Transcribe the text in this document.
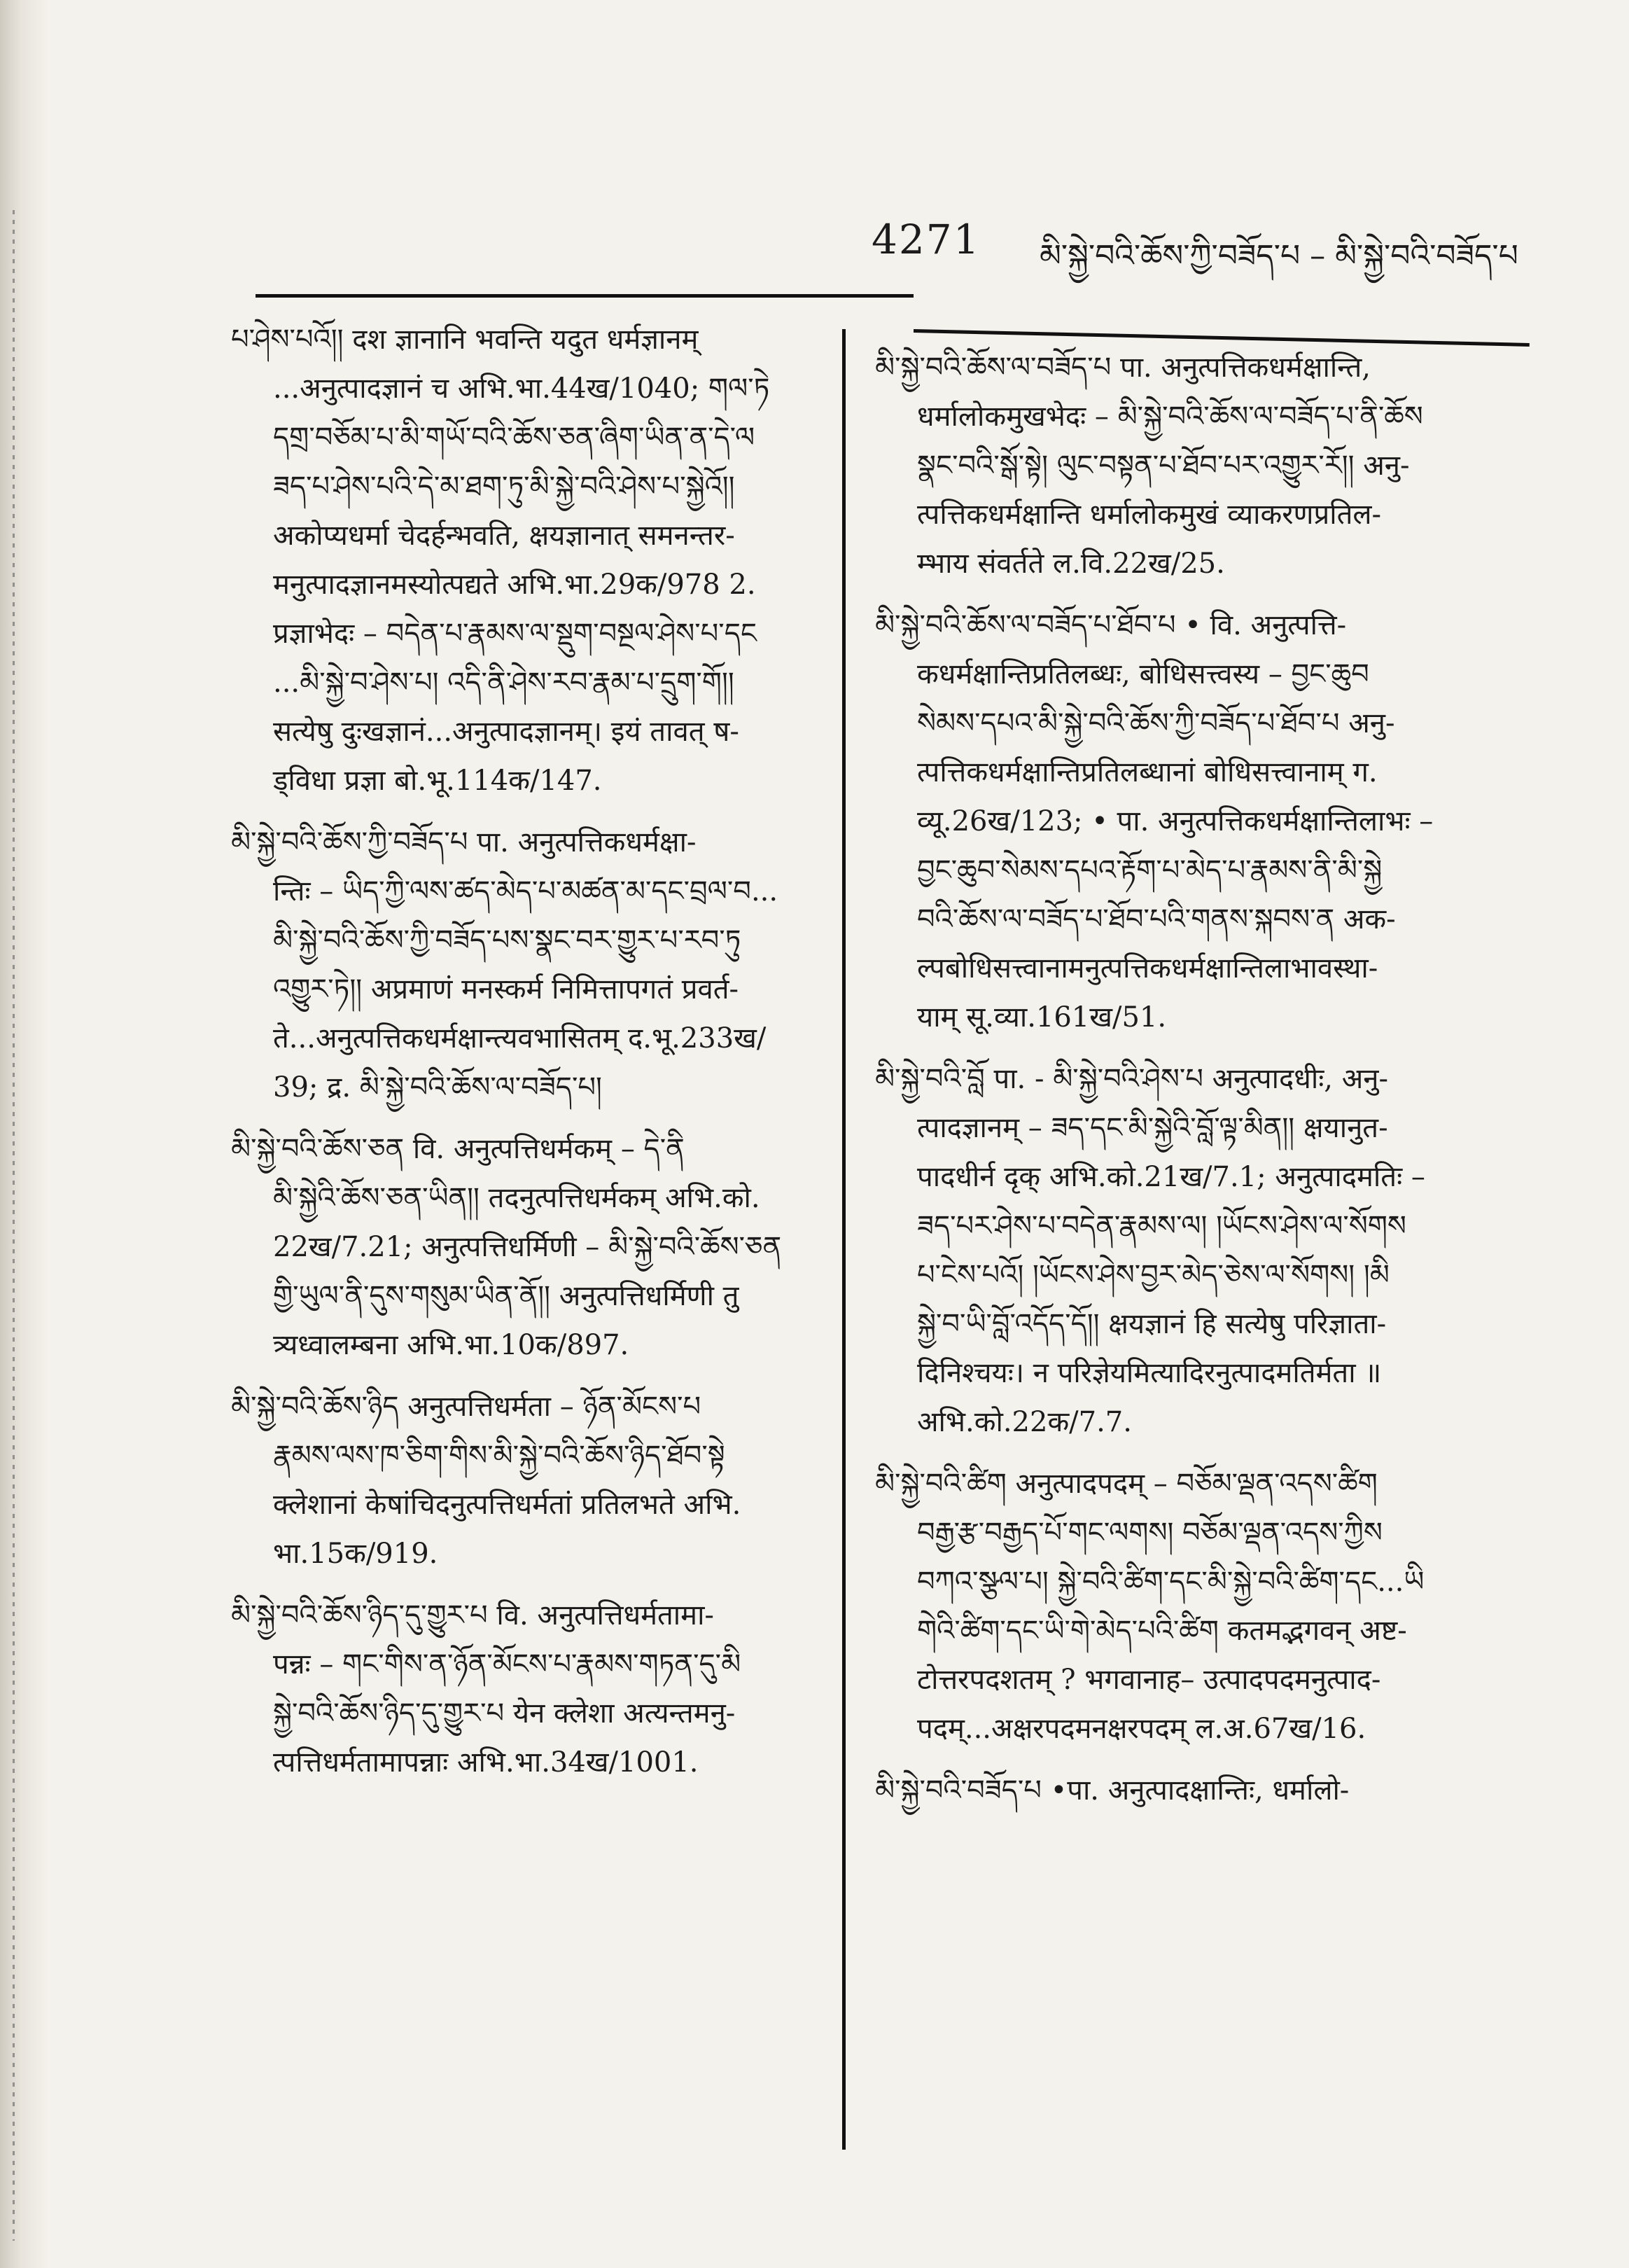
4271 མི་སྐྱེ་བའི་ཆོས་ཀྱི་བཟོད་པ – མི་སྐྱེ་བའི་བཟོད་པ
པ་ཤེས་པའོ།། दश ज्ञानानि भवन्ति यदुत धर्मज्ञानम्
...अनुत्पादज्ञानं च अभि.भा.44ख/1040; གལ་ཏེ
དགྲ་བཅོམ་པ་མི་གཡོ་བའི་ཆོས་ཅན་ཞིག་ཡིན་ན་དེ་ལ
ཟད་པ་ཤེས་པའི་དེ་མ་ཐག་ཏུ་མི་སྐྱེ་བའི་ཤེས་པ་སྐྱེའོ།།
अकोप्यधर्मा चेदर्हन्भवति, क्षयज्ञानात् समनन्तर-
मनुत्पादज्ञानमस्योत्पद्यते अभि.भा.29क/978 2.
प्रज्ञाभेदः – བདེན་པ་རྣམས་ལ་སྡུག་བསྔལ་ཤེས་པ་དང
...མི་སྐྱེ་བ་ཤེས་པ། འདི་ནི་ཤེས་རབ་རྣམ་པ་དྲུག་གོ།།
सत्येषु दुःखज्ञानं...अनुत्पादज्ञानम्। इयं तावत् ष-
ड्विधा प्रज्ञा बो.भू.114क/147.
མི་སྐྱེ་བའི་ཆོས་ཀྱི་བཟོད་པ पा. अनुत्पत्तिकधर्मक्षा-
न्तिः – ཡིད་ཀྱི་ལས་ཚད་མེད་པ་མཚན་མ་དང་བྲལ་བ...
མི་སྐྱེ་བའི་ཆོས་ཀྱི་བཟོད་པས་སྣང་བར་གྱུར་པ་རབ་ཏུ
འགྱུར་ཏེ།། अप्रमाणं मनस्कर्म निमित्तापगतं प्रवर्त-
ते...अनुत्पत्तिकधर्मक्षान्त्यवभासितम् द.भू.233ख/
39; द्र. མི་སྐྱེ་བའི་ཆོས་ལ་བཟོད་པ།
མི་སྐྱེ་བའི་ཆོས་ཅན वि. अनुत्पत्तिधर्मकम् – དེ་ནི
མི་སྐྱེའི་ཆོས་ཅན་ཡིན།། तदनुत्पत्तिधर्मकम् अभि.को.
22ख/7.21; अनुत्पत्तिधर्मिणी – མི་སྐྱེ་བའི་ཆོས་ཅན
གྱི་ཡུལ་ནི་དུས་གསུམ་ཡིན་ནོ།། अनुत्पत्तिधर्मिणी तु
त्र्यध्वालम्बना अभि.भा.10क/897.
མི་སྐྱེ་བའི་ཆོས་ཉིད अनुत्पत्तिधर्मता – ཉོན་མོངས་པ
རྣམས་ལས་ཁ་ཅིག་གིས་མི་སྐྱེ་བའི་ཆོས་ཉིད་ཐོབ་སྟེ
क्लेशानां केषांचिदनुत्पत्तिधर्मतां प्रतिलभते अभि.
भा.15क/919.
མི་སྐྱེ་བའི་ཆོས་ཉིད་དུ་གྱུར་པ वि. अनुत्पत्तिधर्मतामा-
पन्नः – གང་གིས་ན་ཉོན་མོངས་པ་རྣམས་གཏན་དུ་མི
སྐྱེ་བའི་ཆོས་ཉིད་དུ་གྱུར་པ येन क्लेशा अत्यन्तमनु-
त्पत्तिधर्मतामापन्नाः अभि.भा.34ख/1001.
མི་སྐྱེ་བའི་ཆོས་ལ་བཟོད་པ पा. अनुत्पत्तिकधर्मक्षान्ति,
धर्मालोकमुखभेदः – མི་སྐྱེ་བའི་ཆོས་ལ་བཟོད་པ་ནི་ཆོས
སྣང་བའི་སྒོ་སྟེ། ལུང་བསྟན་པ་ཐོབ་པར་འགྱུར་རོ།། अनु-
त्पत्तिकधर्मक्षान्ति धर्मालोकमुखं व्याकरणप्रतिल-
म्भाय संवर्तते ल.वि.22ख/25.
མི་སྐྱེ་བའི་ཆོས་ལ་བཟོད་པ་ཐོབ་པ • वि. अनुत्पत्ति-
कधर्मक्षान्तिप्रतिलब्धः, बोधिसत्त्वस्य – བྱང་ཆུབ
སེམས་དཔའ་མི་སྐྱེ་བའི་ཆོས་ཀྱི་བཟོད་པ་ཐོབ་པ अनु-
त्पत्तिकधर्मक्षान्तिप्रतिलब्धानां बोधिसत्त्वानाम् ग.
व्यू.26ख/123; • पा. अनुत्पत्तिकधर्मक्षान्तिलाभः –
བྱང་ཆུབ་སེམས་དཔའ་རྟོག་པ་མེད་པ་རྣམས་ནི་མི་སྐྱེ
བའི་ཆོས་ལ་བཟོད་པ་ཐོབ་པའི་གནས་སྐབས་ན अक-
ल्पबोधिसत्त्वानामनुत्पत्तिकधर्मक्षान्तिलाभावस्था-
याम् सू.व्या.161ख/51.
མི་སྐྱེ་བའི་བློ पा. - མི་སྐྱེ་བའི་ཤེས་པ अनुत्पादधीः, अनु-
त्पादज्ञानम् – ཟད་དང་མི་སྐྱེའི་བློ་ལྟ་མིན།། क्षयानुत-
पादधीर्न दृक् अभि.को.21ख/7.1; अनुत्पादमतिः –
ཟད་པར་ཤེས་པ་བདེན་རྣམས་ལ། །ཡོངས་ཤེས་ལ་སོགས
པ་ངེས་པའོ། །ཡོངས་ཤེས་བྱར་མེད་ཅེས་ལ་སོགས། །མི
སྐྱེ་བ་ཡི་བློ་འདོད་དོ།། क्षयज्ञानं हि सत्येषु परिज्ञाता-
दिनिश्चयः। न परिज्ञेयमित्यादिरनुत्पादमतिर्मता ॥
अभि.को.22क/7.7.
མི་སྐྱེ་བའི་ཚིག अनुत्पादपदम् – བཅོམ་ལྡན་འདས་ཚིག
བརྒྱ་རྩ་བརྒྱད་པོ་གང་ལགས། བཅོམ་ལྡན་འདས་ཀྱིས
བཀའ་སྩལ་པ། སྐྱེ་བའི་ཚིག་དང་མི་སྐྱེ་བའི་ཚིག་དང...ཡི
གེའི་ཚིག་དང་ཡི་གེ་མེད་པའི་ཚིག कतमद्भगवन् अष्ट-
टोत्तरपदशतम् ? भगवानाह– उत्पादपदमनुत्पाद-
पदम्...अक्षरपदमनक्षरपदम् ल.अ.67ख/16.
མི་སྐྱེ་བའི་བཟོད་པ •पा. अनुत्पादक्षान्तिः, धर्मालो-
